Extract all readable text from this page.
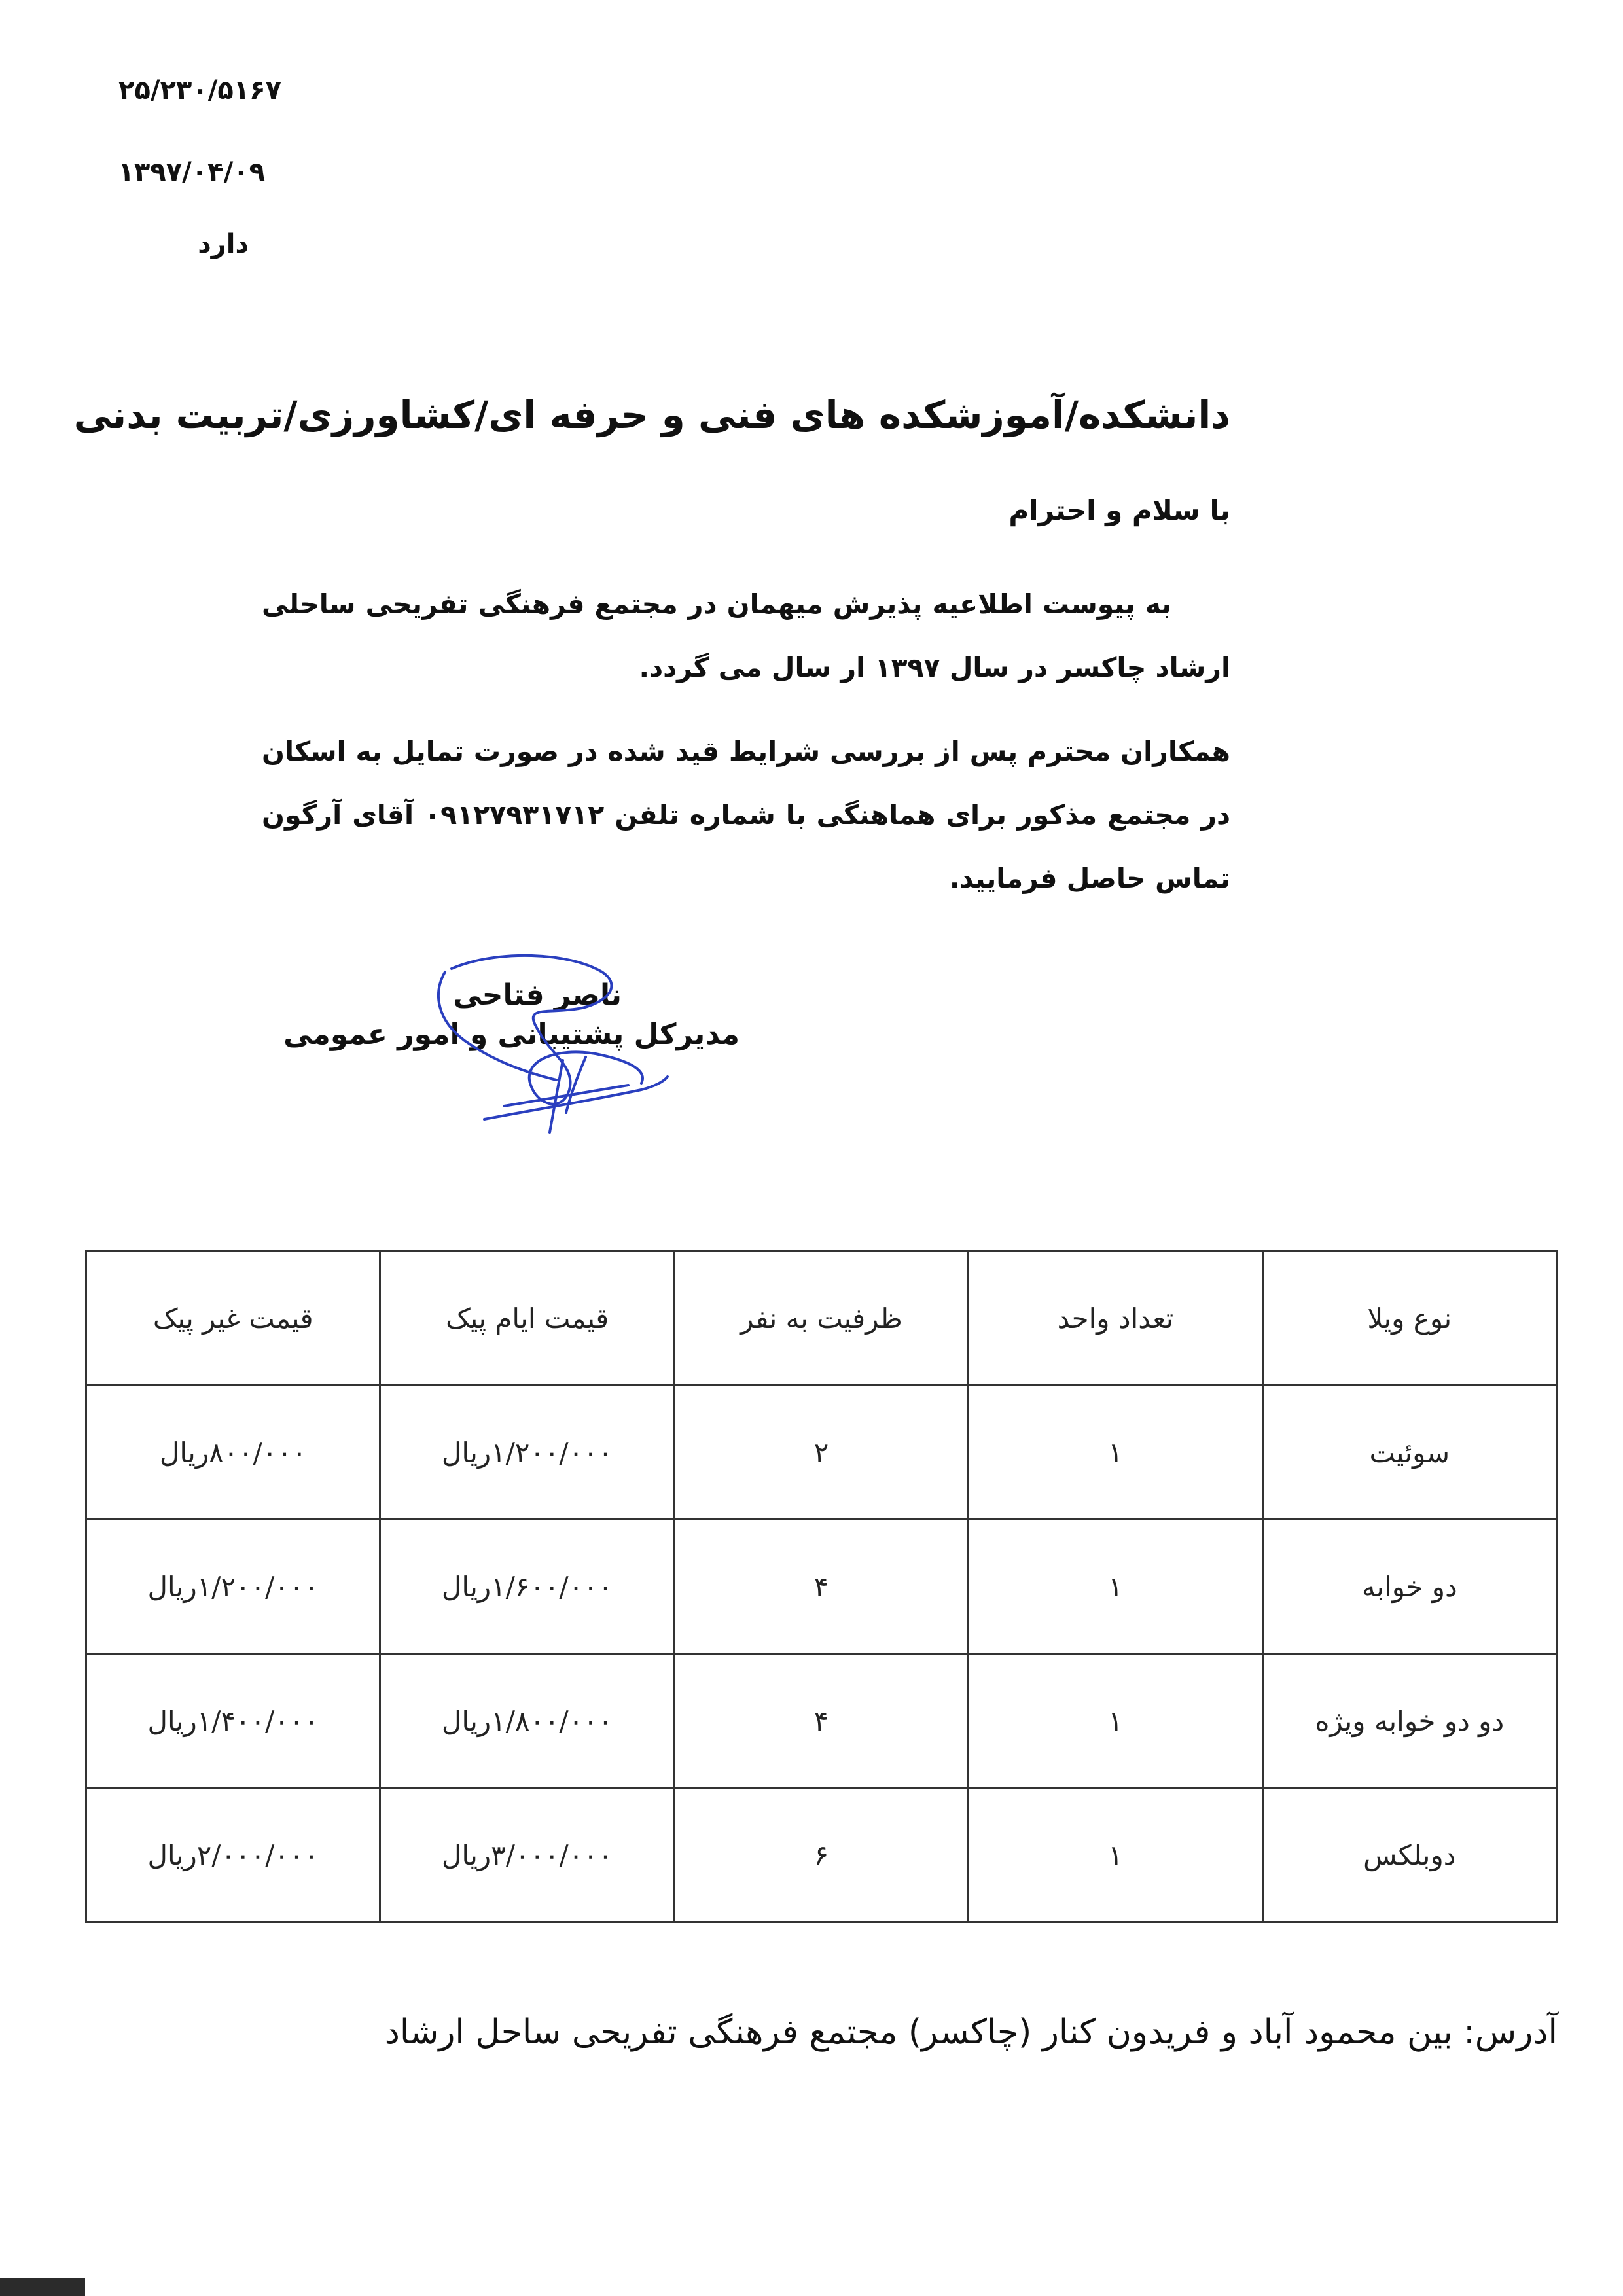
۲۵/۲۳۰/۵۱۶۷
۱۳۹۷/۰۴/۰۹
دارد
دانشکده/آموزشکده های فنی و حرفه ای/کشاورزی/تربیت بدنی
با سلام و احترام
به پیوست اطلاعیه پذیرش میهمان در مجتمع فرهنگی تفریحی ساحلی ارشاد چاکسر در سال ۱۳۹۷ ار سال می گردد.
همکاران محترم پس از بررسی شرایط قید شده در صورت تمایل به اسکان در مجتمع مذکور برای هماهنگی با شماره تلفن ۰۹۱۲۷۹۳۱۷۱۲ آقای آرگون تماس حاصل فرمایید.
ناصر فتاحی
مدیرکل پشتیبانی و امور عمومی
نوع ویلا	تعداد واحد	ظرفیت به نفر	قیمت ایام پیک	قیمت غیر پیک
سوئیت	۱	۲	۱/۲۰۰/۰۰۰ریال	۸۰۰/۰۰۰ریال
دو خوابه	۱	۴	۱/۶۰۰/۰۰۰ریال	۱/۲۰۰/۰۰۰ریال
دو دو خوابه ویژه	۱	۴	۱/۸۰۰/۰۰۰ریال	۱/۴۰۰/۰۰۰ریال
دوبلکس	۱	۶	۳/۰۰۰/۰۰۰ریال	۲/۰۰۰/۰۰۰ریال
آدرس: بین محمود آباد و فریدون کنار (چاکسر) مجتمع فرهنگی تفریحی ساحل ارشاد
